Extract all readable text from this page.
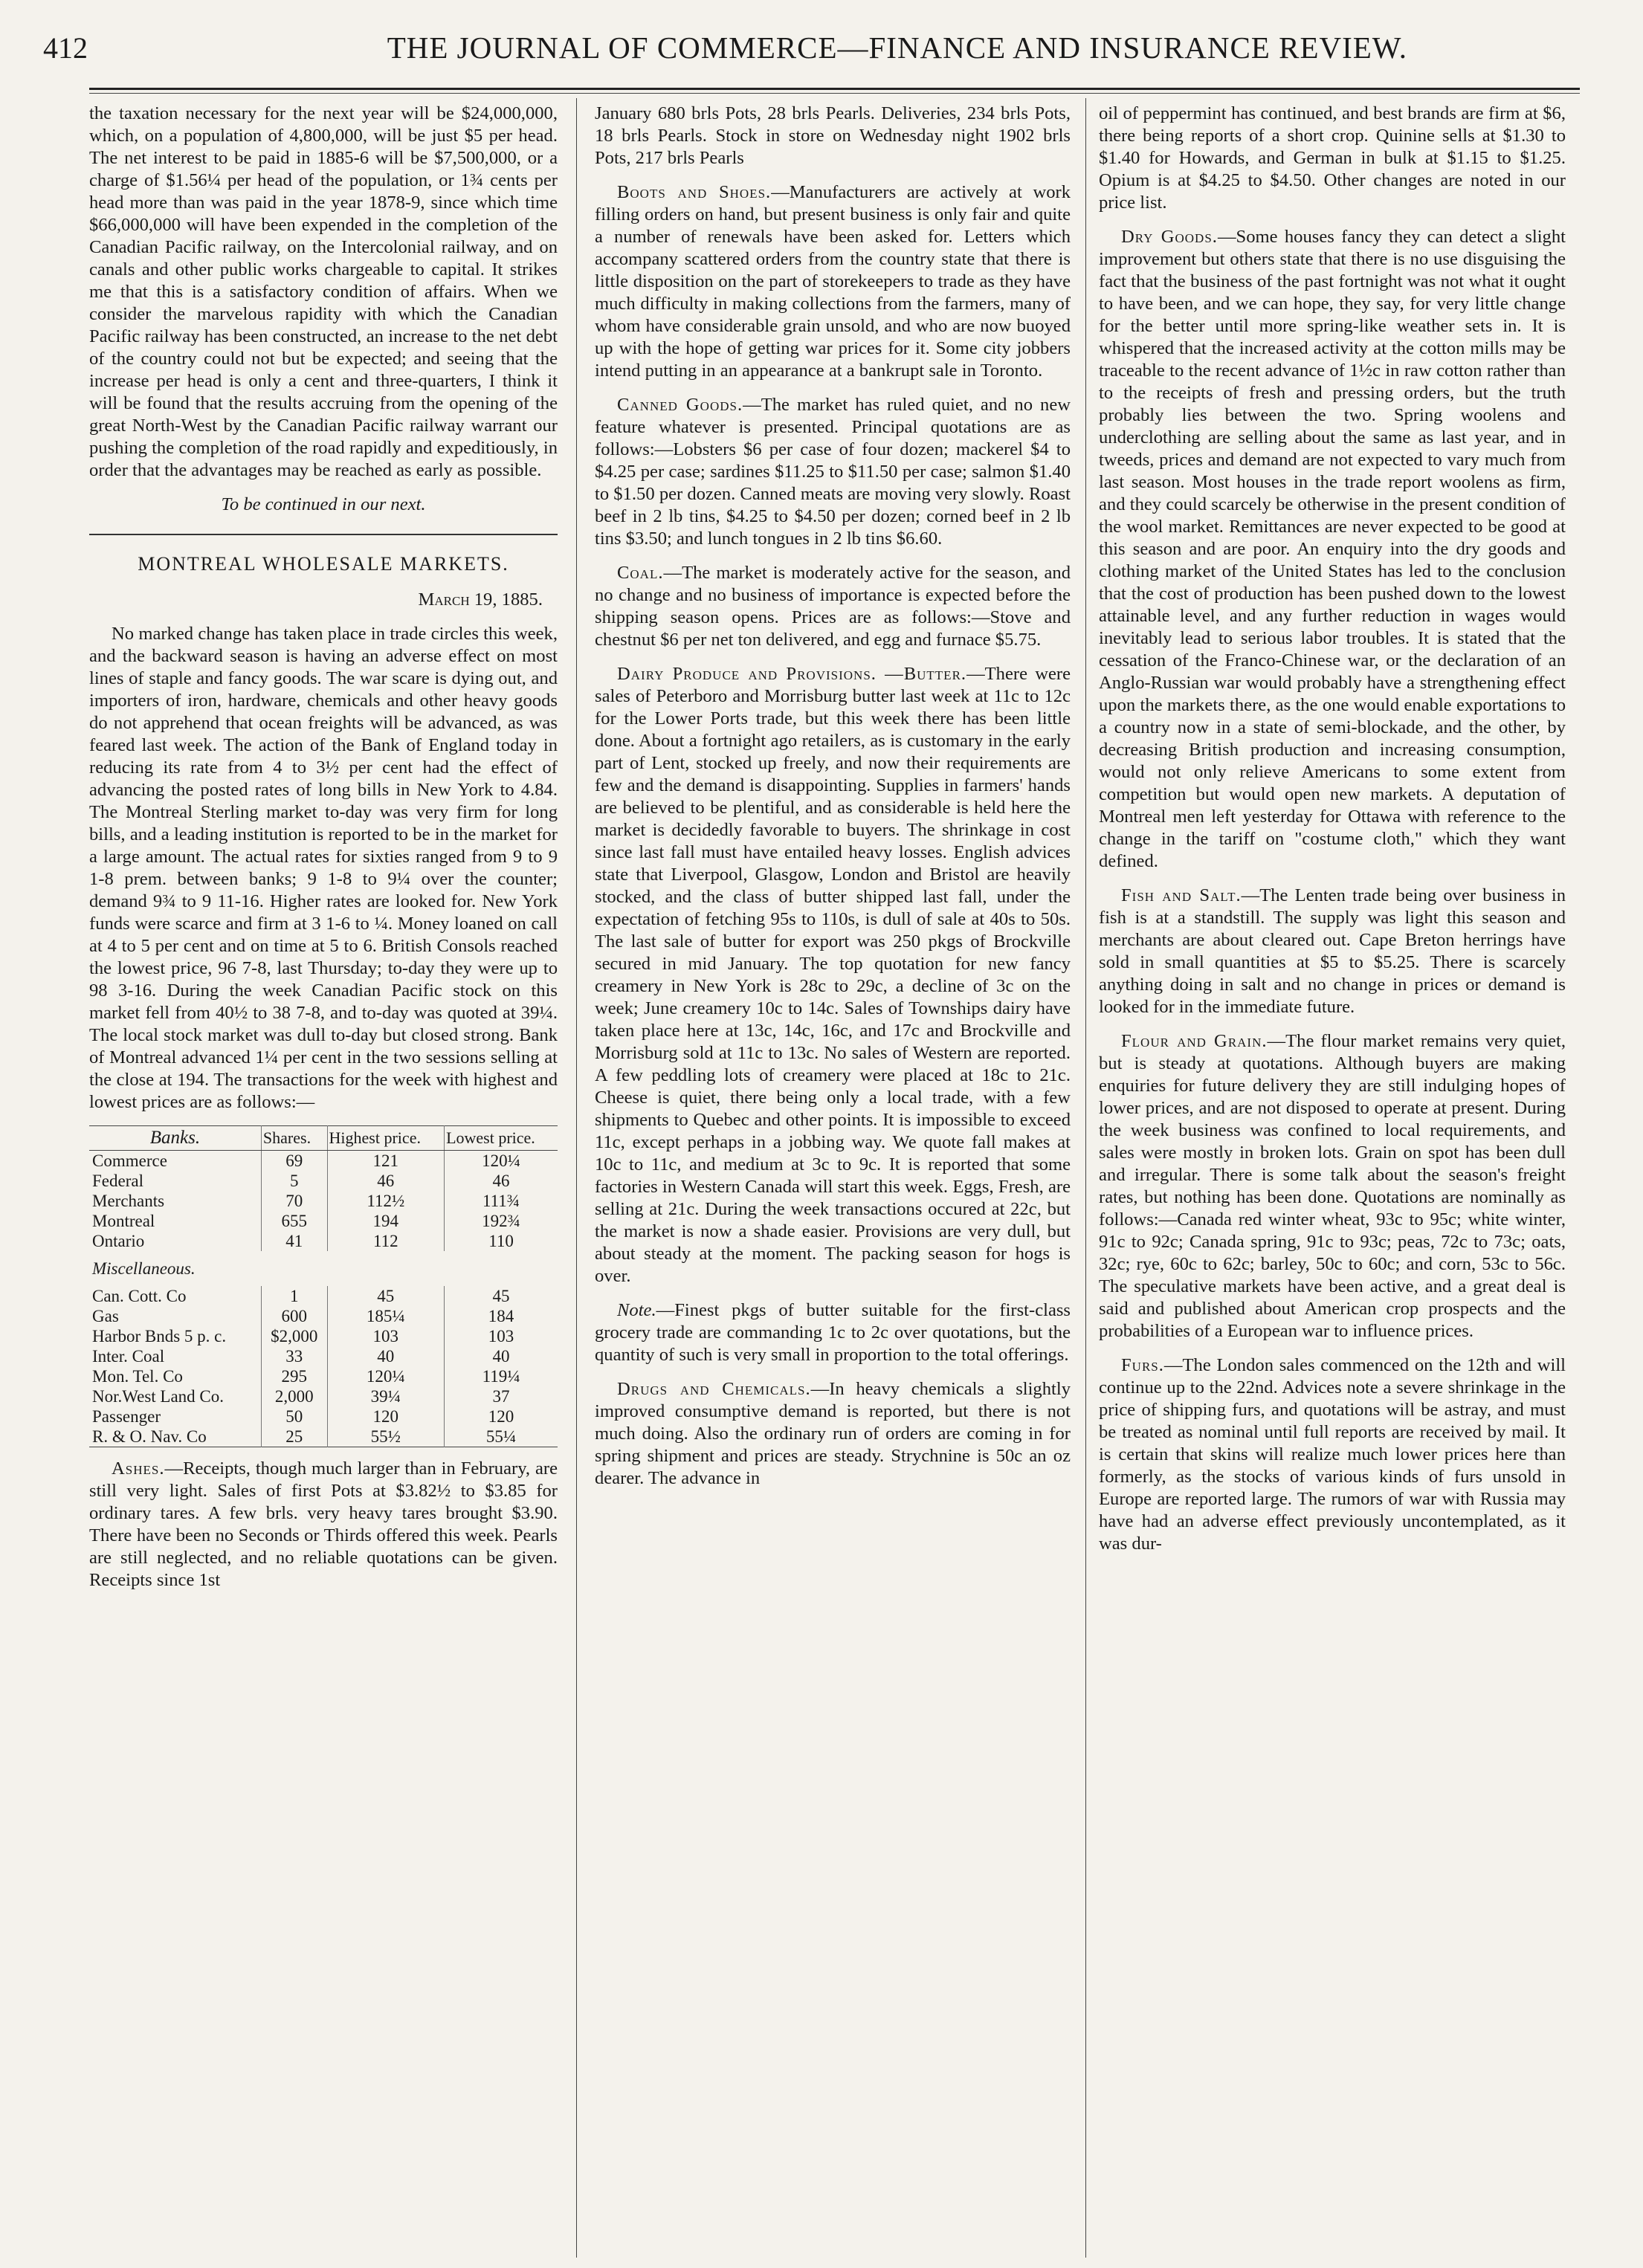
412	THE JOURNAL OF COMMERCE—FINANCE AND INSURANCE REVIEW.

the taxation necessary for the next year will be $24,000,000, which, on a population of 4,800,000, will be just $5 per head. The net interest to be paid in 1885-6 will be $7,500,000, or a charge of $1.56¼ per head of the population, or 1¾ cents per head more than was paid in the year 1878-9, since which time $66,000,000 will have been expended in the completion of the Canadian Pacific railway, on the Intercolonial railway, and on canals and other public works chargeable to capital. It strikes me that this is a satisfactory condition of affairs. When we consider the marvelous rapidity with which the Canadian Pacific railway has been constructed, an increase to the net debt of the country could not but be expected; and seeing that the increase per head is only a cent and three-quarters, I think it will be found that the results accruing from the opening of the great North-West by the Canadian Pacific railway warrant our pushing the completion of the road rapidly and expeditiously, in order that the advantages may be reached as early as possible.

To be continued in our next.

MONTREAL WHOLESALE MARKETS.
March 19, 1885.

No marked change has taken place in trade circles this week, and the backward season is having an adverse effect on most lines of staple and fancy goods. The war scare is dying out, and importers of iron, hardware, chemicals and other heavy goods do not apprehend that ocean freights will be advanced, as was feared last week. The action of the Bank of England today in reducing its rate from 4 to 3½ per cent had the effect of advancing the posted rates of long bills in New York to 4.84. The Montreal Sterling market to-day was very firm for long bills, and a leading institution is reported to be in the market for a large amount. The actual rates for sixties ranged from 9 to 9 1-8 prem. between banks; 9 1-8 to 9¼ over the counter; demand 9¾ to 9 11-16. Higher rates are looked for. New York funds were scarce and firm at 3 1-6 to ¼. Money loaned on call at 4 to 5 per cent and on time at 5 to 6. British Consols reached the lowest price, 96 7-8, last Thursday; to-day they were up to 98 3-16. During the week Canadian Pacific stock on this market fell from 40½ to 38 7-8, and to-day was quoted at 39¼. The local stock market was dull to-day but closed strong. Bank of Montreal advanced 1¼ per cent in the two sessions selling at the close at 194. The transactions for the week with highest and lowest prices are as follows:—

Banks.	Shares.	Highest price.	Lowest price.
Commerce	69	121	120¼
Federal	5	46	46
Merchants	70	112½	111¾
Montreal	655	194	192¾
Ontario	41	112	110
Miscellaneous.			
Can. Cott. Co	1	45	45
Gas	600	185¼	184
Harbor Bnds 5 p. c.	$2,000	103	103
Inter. Coal	33	40	40
Mon. Tel. Co	295	120¼	119¼
Nor.West Land Co.	2,000	39¼	37
Passenger	50	120	120
R. & O. Nav. Co	25	55½	55¼

Ashes.—Receipts, though much larger than in February, are still very light. Sales of first Pots at $3.82½ to $3.85 for ordinary tares. A few brls. very heavy tares brought $3.90. There have been no Seconds or Thirds offered this week. Pearls are still neglected, and no reliable quotations can be given. Receipts since 1st

January 680 brls Pots, 28 brls Pearls. Deliveries, 234 brls Pots, 18 brls Pearls. Stock in store on Wednesday night 1902 brls Pots, 217 brls Pearls

Boots and Shoes.—Manufacturers are actively at work filling orders on hand, but present business is only fair and quite a number of renewals have been asked for. Letters which accompany scattered orders from the country state that there is little disposition on the part of storekeepers to trade as they have much difficulty in making collections from the farmers, many of whom have considerable grain unsold, and who are now buoyed up with the hope of getting war prices for it. Some city jobbers intend putting in an appearance at a bankrupt sale in Toronto.

Canned Goods.—The market has ruled quiet, and no new feature whatever is presented. Principal quotations are as follows:—Lobsters $6 per case of four dozen; mackerel $4 to $4.25 per case; sardines $11.25 to $11.50 per case; salmon $1.40 to $1.50 per dozen. Canned meats are moving very slowly. Roast beef in 2 lb tins, $4.25 to $4.50 per dozen; corned beef in 2 lb tins $3.50; and lunch tongues in 2 lb tins $6.60.

Coal.—The market is moderately active for the season, and no change and no business of importance is expected before the shipping season opens. Prices are as follows:—Stove and chestnut $6 per net ton delivered, and egg and furnace $5.75.

Dairy Produce and Provisions. —Butter.—There were sales of Peterboro and Morrisburg butter last week at 11c to 12c for the Lower Ports trade, but this week there has been little done. About a fortnight ago retailers, as is customary in the early part of Lent, stocked up freely, and now their requirements are few and the demand is disappointing. Supplies in farmers' hands are believed to be plentiful, and as considerable is held here the market is decidedly favorable to buyers. The shrinkage in cost since last fall must have entailed heavy losses. English advices state that Liverpool, Glasgow, London and Bristol are heavily stocked, and the class of butter shipped last fall, under the expectation of fetching 95s to 110s, is dull of sale at 40s to 50s. The last sale of butter for export was 250 pkgs of Brockville secured in mid January. The top quotation for new fancy creamery in New York is 28c to 29c, a decline of 3c on the week; June creamery 10c to 14c. Sales of Townships dairy have taken place here at 13c, 14c, 16c, and 17c and Brockville and Morrisburg sold at 11c to 13c. No sales of Western are reported. A few peddling lots of creamery were placed at 18c to 21c. Cheese is quiet, there being only a local trade, with a few shipments to Quebec and other points. It is impossible to exceed 11c, except perhaps in a jobbing way. We quote fall makes at 10c to 11c, and medium at 3c to 9c. It is reported that some factories in Western Canada will start this week. Eggs, Fresh, are selling at 21c. During the week transactions occured at 22c, but the market is now a shade easier. Provisions are very dull, but about steady at the moment. The packing season for hogs is over.

Note.—Finest pkgs of butter suitable for the first-class grocery trade are commanding 1c to 2c over quotations, but the quantity of such is very small in proportion to the total offerings.

Drugs and Chemicals.—In heavy chemicals a slightly improved consumptive demand is reported, but there is not much doing. Also the ordinary run of orders are coming in for spring shipment and prices are steady. Strychnine is 50c an oz dearer. The advance in

oil of peppermint has continued, and best brands are firm at $6, there being reports of a short crop. Quinine sells at $1.30 to $1.40 for Howards, and German in bulk at $1.15 to $1.25. Opium is at $4.25 to $4.50. Other changes are noted in our price list.

Dry Goods.—Some houses fancy they can detect a slight improvement but others state that there is no use disguising the fact that the business of the past fortnight was not what it ought to have been, and we can hope, they say, for very little change for the better until more spring-like weather sets in. It is whispered that the increased activity at the cotton mills may be traceable to the recent advance of 1½c in raw cotton rather than to the receipts of fresh and pressing orders, but the truth probably lies between the two. Spring woolens and underclothing are selling about the same as last year, and in tweeds, prices and demand are not expected to vary much from last season. Most houses in the trade report woolens as firm, and they could scarcely be otherwise in the present condition of the wool market. Remittances are never expected to be good at this season and are poor. An enquiry into the dry goods and clothing market of the United States has led to the conclusion that the cost of production has been pushed down to the lowest attainable level, and any further reduction in wages would inevitably lead to serious labor troubles. It is stated that the cessation of the Franco-Chinese war, or the declaration of an Anglo-Russian war would probably have a strengthening effect upon the markets there, as the one would enable exportations to a country now in a state of semi-blockade, and the other, by decreasing British production and increasing consumption, would not only relieve Americans to some extent from competition but would open new markets. A deputation of Montreal men left yesterday for Ottawa with reference to the change in the tariff on "costume cloth," which they want defined.

Fish and Salt.—The Lenten trade being over business in fish is at a standstill. The supply was light this season and merchants are about cleared out. Cape Breton herrings have sold in small quantities at $5 to $5.25. There is scarcely anything doing in salt and no change in prices or demand is looked for in the immediate future.

Flour and Grain.—The flour market remains very quiet, but is steady at quotations. Although buyers are making enquiries for future delivery they are still indulging hopes of lower prices, and are not disposed to operate at present. During the week business was confined to local requirements, and sales were mostly in broken lots. Grain on spot has been dull and irregular. There is some talk about the season's freight rates, but nothing has been done. Quotations are nominally as follows:—Canada red winter wheat, 93c to 95c; white winter, 91c to 92c; Canada spring, 91c to 93c; peas, 72c to 73c; oats, 32c; rye, 60c to 62c; barley, 50c to 60c; and corn, 53c to 56c. The speculative markets have been active, and a great deal is said and published about American crop prospects and the probabilities of a European war to influence prices.

Furs.—The London sales commenced on the 12th and will continue up to the 22nd. Advices note a severe shrinkage in the price of shipping furs, and quotations will be astray, and must be treated as nominal until full reports are received by mail. It is certain that skins will realize much lower prices here than formerly, as the stocks of various kinds of furs unsold in Europe are reported large. The rumors of war with Russia may have had an adverse effect previously uncontemplated, as it was dur-
